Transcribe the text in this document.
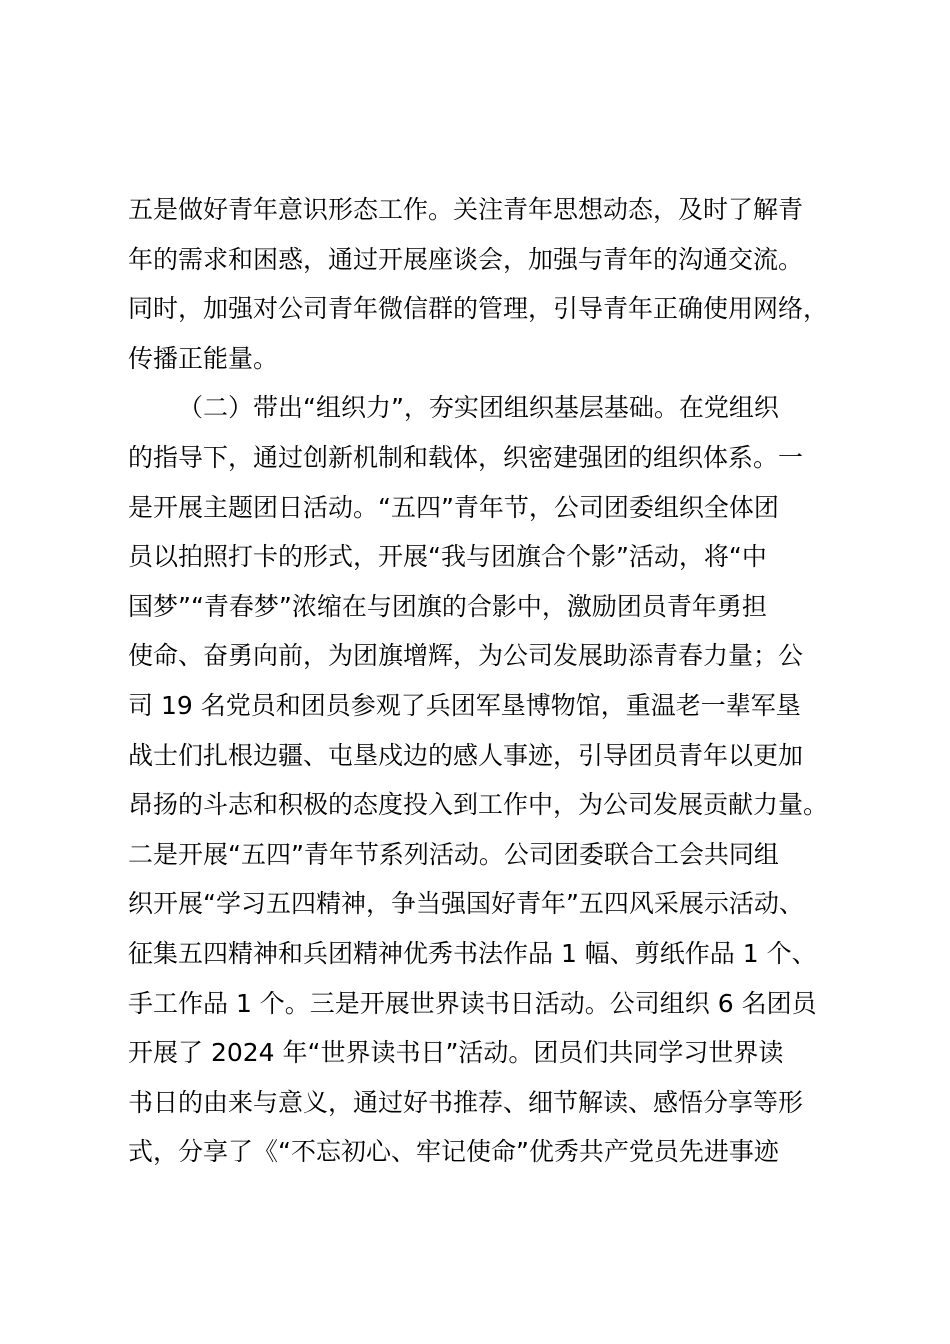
五是做好青年意识形态工作。关注青年思想动态，及时了解青
年的需求和困惑，通过开展座谈会，加强与青年的沟通交流。
同时，加强对公司青年微信群的管理，引导青年正确使用网络，
传播正能量。
（二）带出“组织力”，夯实团组织基层基础。在党组织
的指导下，通过创新机制和载体，织密建强团的组织体系。一
是开展主题团日活动。“五四”青年节，公司团委组织全体团
员以拍照打卡的形式，开展“我与团旗合个影”活动，将“中
国梦”“青春梦”浓缩在与团旗的合影中，激励团员青年勇担
使命、奋勇向前，为团旗增辉，为公司发展助添青春力量；公
司 19 名党员和团员参观了兵团军垦博物馆，重温老一辈军垦
战士们扎根边疆、屯垦戍边的感人事迹，引导团员青年以更加
昂扬的斗志和积极的态度投入到工作中，为公司发展贡献力量。
二是开展“五四”青年节系列活动。公司团委联合工会共同组
织开展“学习五四精神，争当强国好青年”五四风采展示活动、
征集五四精神和兵团精神优秀书法作品 1 幅、剪纸作品 1 个、
手工作品 1 个。三是开展世界读书日活动。公司组织 6 名团员
开展了 2024 年“世界读书日”活动。团员们共同学习世界读
书日的由来与意义，通过好书推荐、细节解读、感悟分享等形
式，分享了《“不忘初心、牢记使命”优秀共产党员先进事迹
